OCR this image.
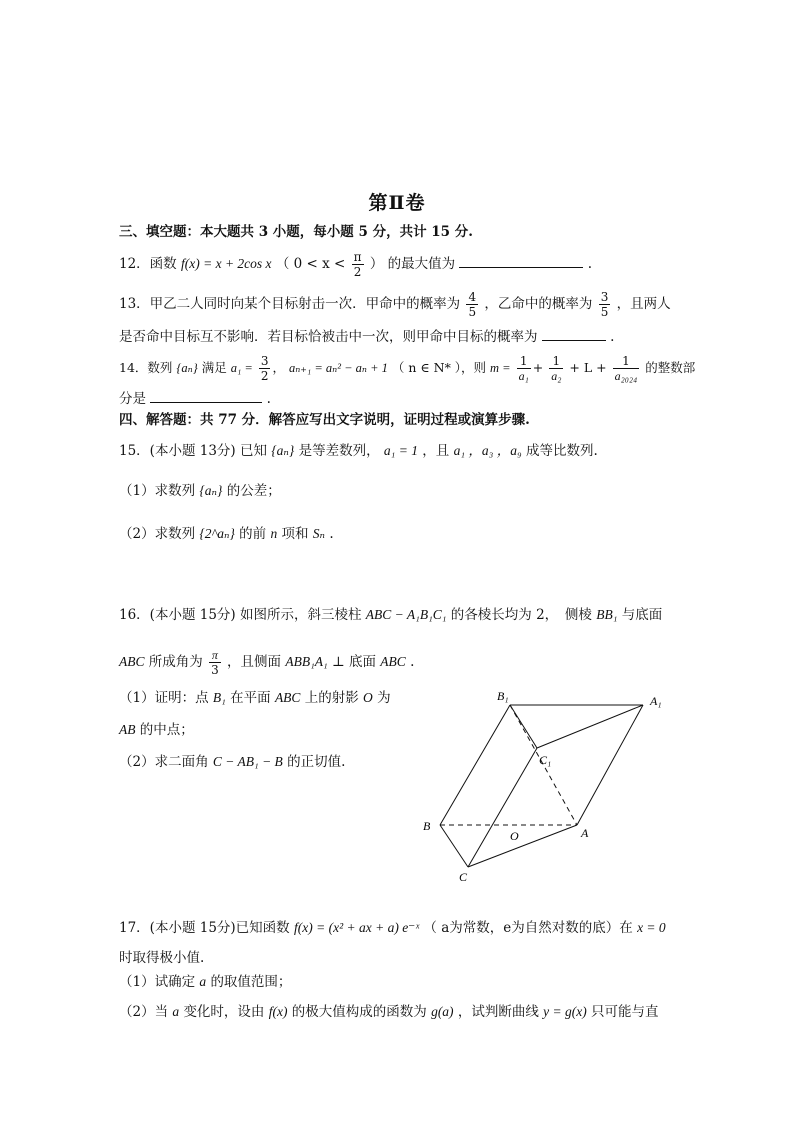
第Ⅱ卷
三、填空题：本大题共 3 小题，每小题 5 分，共计 15 分.
12．函数 f(x) = x + 2cos x （ $0 < x < \frac{\pi}{2}$ ） 的最大值为	.
13．甲乙二人同时向某个目标射击一次．甲命中的概率为 $\frac{4}{5}$ ，乙命中的概率为 $\frac{3}{5}$ ，且两人
是否命中目标互不影响．若目标恰被击中一次，则甲命中目标的概率为	.
14．数列 {aₙ} 满足 $a_1 = \frac{3}{2}$ ， aₙ₊₁ = aₙ² − aₙ + 1 （ n ∈ N* ），则 $m = \frac{1}{\text{a₁}} + \frac{1}{\text{a₂}} + L + \frac{1}{\text{a₂₀₂₄}}$ 的整数部
分是	.
四、解答题：共 77 分．解答应写出文字说明，证明过程或演算步骤.
15．(本小题 13分) 已知 {aₙ} 是等差数列， a₁ = 1 ，且 a₁ ，a₃ ，a₉ 成等比数列.
（1）求数列 {aₙ} 的公差；
（2）求数列 {2^aₙ} 的前 n 项和 Sₙ .
16．(本小题 15分) 如图所示，斜三棱柱 ABC − A₁B₁C₁ 的各棱长均为 2，　侧棱 BB₁ 与底面
ABC 所成角为 $\frac{\pi}{3}$ ，且侧面 ABB₁A₁ ⊥ 底面 ABC .
（1）证明：点 B₁ 在平面 ABC 上的射影 O 为
AB 的中点；
（2）求二面角 C − AB₁ − B 的正切值.
B₁	A₁
C₁
B
O	A
C
17．(本小题 15分)已知函数 f(x) = (x² + ax + a) e⁻ˣ （ a为常数，e为自然对数的底）在 x = 0
时取得极小值.
（1）试确定 a 的取值范围；
（2）当 a 变化时，设由 f(x) 的极大值构成的函数为 g(a) ，试判断曲线 y = g(x) 只可能与直
